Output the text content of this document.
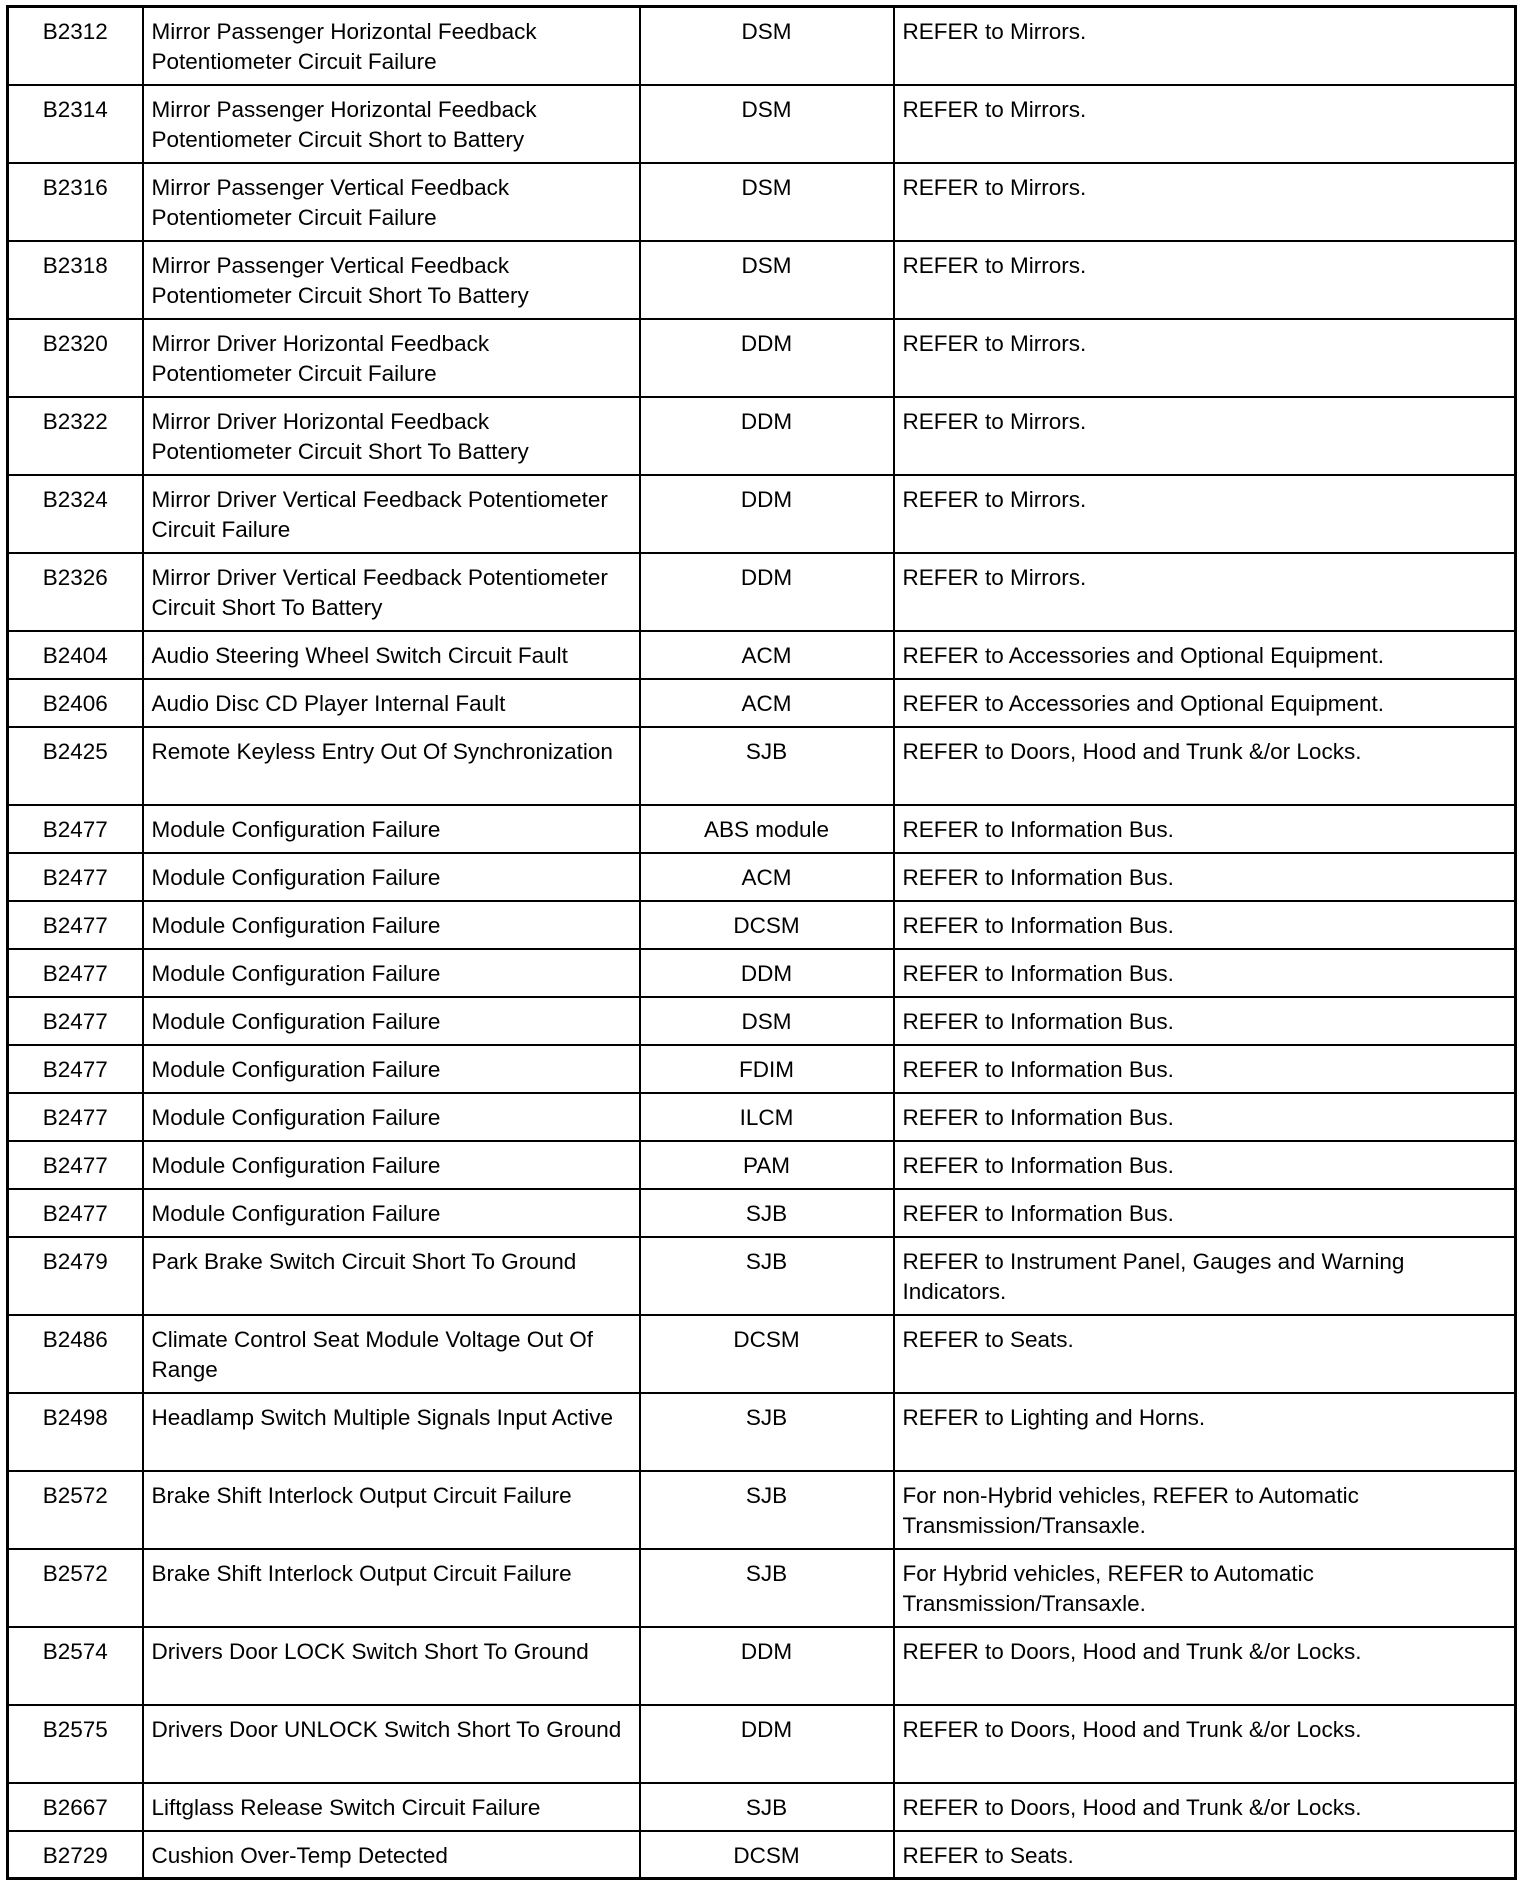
B2312	Mirror Passenger Horizontal Feedback Potentiometer Circuit Failure	DSM	REFER to Mirrors.
B2314	Mirror Passenger Horizontal Feedback Potentiometer Circuit Short to Battery	DSM	REFER to Mirrors.
B2316	Mirror Passenger Vertical Feedback Potentiometer Circuit Failure	DSM	REFER to Mirrors.
B2318	Mirror Passenger Vertical Feedback Potentiometer Circuit Short To Battery	DSM	REFER to Mirrors.
B2320	Mirror Driver Horizontal Feedback Potentiometer Circuit Failure	DDM	REFER to Mirrors.
B2322	Mirror Driver Horizontal Feedback Potentiometer Circuit Short To Battery	DDM	REFER to Mirrors.
B2324	Mirror Driver Vertical Feedback Potentiometer Circuit Failure	DDM	REFER to Mirrors.
B2326	Mirror Driver Vertical Feedback Potentiometer Circuit Short To Battery	DDM	REFER to Mirrors.
B2404	Audio Steering Wheel Switch Circuit Fault	ACM	REFER to Accessories and Optional Equipment.
B2406	Audio Disc CD Player Internal Fault	ACM	REFER to Accessories and Optional Equipment.
B2425	Remote Keyless Entry Out Of Synchronization	SJB	REFER to Doors, Hood and Trunk &/or Locks.
B2477	Module Configuration Failure	ABS module	REFER to Information Bus.
B2477	Module Configuration Failure	ACM	REFER to Information Bus.
B2477	Module Configuration Failure	DCSM	REFER to Information Bus.
B2477	Module Configuration Failure	DDM	REFER to Information Bus.
B2477	Module Configuration Failure	DSM	REFER to Information Bus.
B2477	Module Configuration Failure	FDIM	REFER to Information Bus.
B2477	Module Configuration Failure	ILCM	REFER to Information Bus.
B2477	Module Configuration Failure	PAM	REFER to Information Bus.
B2477	Module Configuration Failure	SJB	REFER to Information Bus.
B2479	Park Brake Switch Circuit Short To Ground	SJB	REFER to Instrument Panel, Gauges and Warning Indicators.
B2486	Climate Control Seat Module Voltage Out Of Range	DCSM	REFER to Seats.
B2498	Headlamp Switch Multiple Signals Input Active	SJB	REFER to Lighting and Horns.
B2572	Brake Shift Interlock Output Circuit Failure	SJB	For non-Hybrid vehicles, REFER to Automatic Transmission/Transaxle.
B2572	Brake Shift Interlock Output Circuit Failure	SJB	For Hybrid vehicles, REFER to Automatic Transmission/Transaxle.
B2574	Drivers Door LOCK Switch Short To Ground	DDM	REFER to Doors, Hood and Trunk &/or Locks.
B2575	Drivers Door UNLOCK Switch Short To Ground	DDM	REFER to Doors, Hood and Trunk &/or Locks.
B2667	Liftglass Release Switch Circuit Failure	SJB	REFER to Doors, Hood and Trunk &/or Locks.
B2729	Cushion Over-Temp Detected	DCSM	REFER to Seats.
